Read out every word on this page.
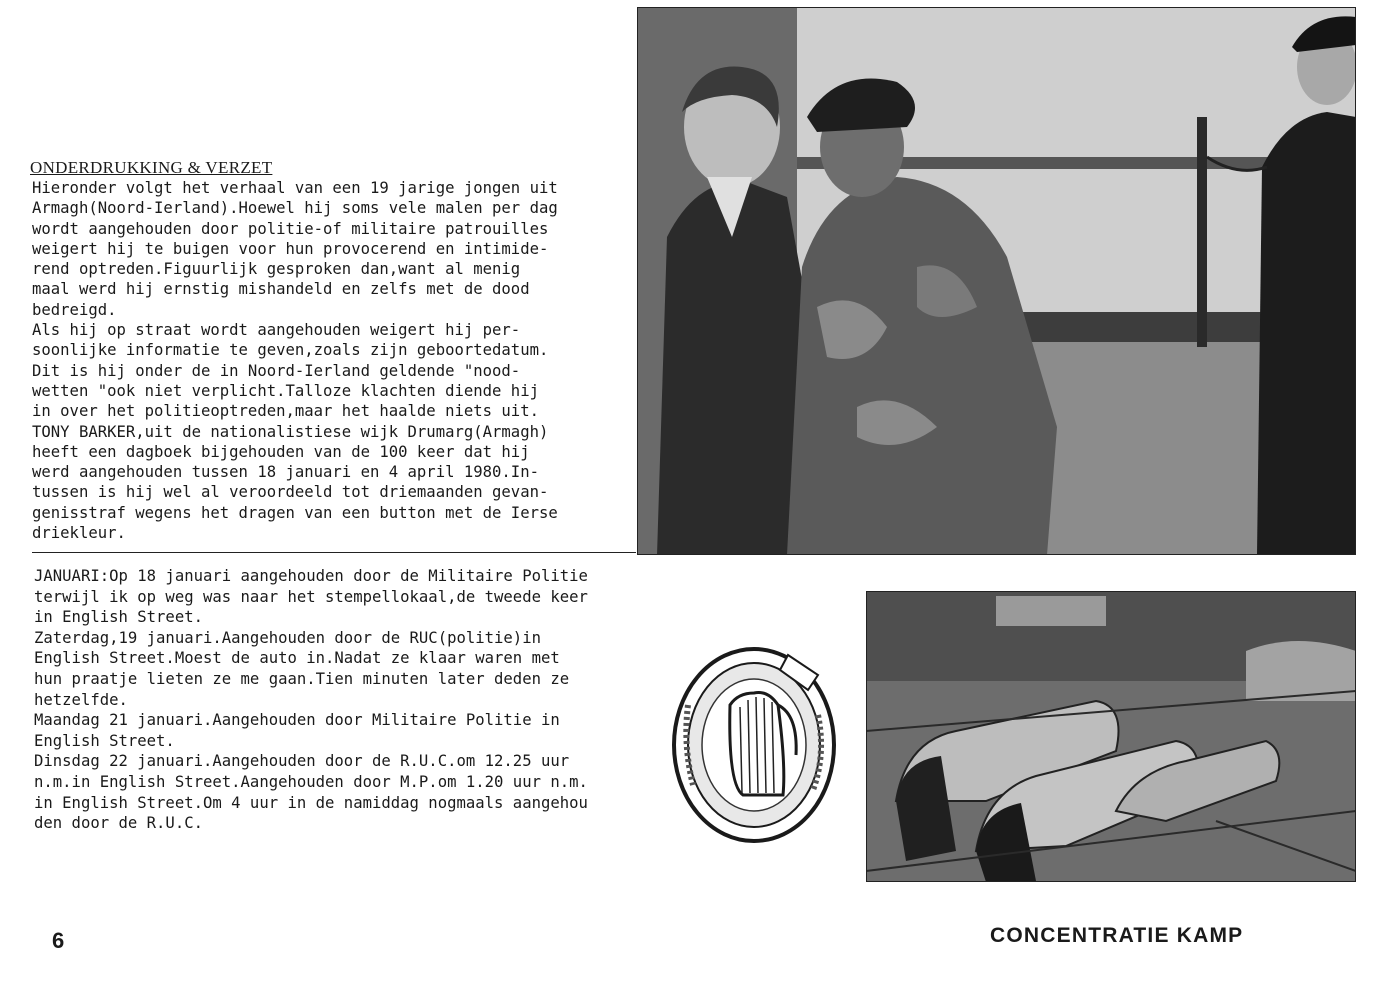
ONDERDRUKKING & VERZET
Hieronder volgt het verhaal van een 19 jarige jongen uit
Armagh(Noord-Ierland).Hoewel hij soms vele malen per dag
wordt aangehouden door politie-of militaire patrouilles
weigert hij te buigen voor hun provocerend en intimide-
rend optreden.Figuurlijk gesproken dan,want al menig
maal werd hij ernstig mishandeld en zelfs met de dood
bedreigd.
Als hij op straat wordt aangehouden weigert hij per-
soonlijke informatie te geven,zoals zijn geboortedatum.
Dit is hij onder de in Noord-Ierland geldende "nood-
wetten "ook niet verplicht.Talloze klachten diende hij
in over het politieoptreden,maar het haalde niets uit.
TONY BARKER,uit de nationalistiese wijk Drumarg(Armagh)
heeft een dagboek bijgehouden van de 100 keer dat hij
werd aangehouden tussen 18 januari en 4 april 1980.In-
tussen is hij wel al veroordeeld tot driemaanden gevan-
genisstraf wegens het dragen van een button met de Ierse
driekleur.
JANUARI:Op 18 januari aangehouden door de Militaire Politie
terwijl ik op weg was naar het stempellokaal,de tweede keer
in English Street.
Zaterdag,19 januari.Aangehouden door de RUC(politie)in
English Street.Moest de auto in.Nadat ze klaar waren met
hun praatje lieten ze me gaan.Tien minuten later deden ze
hetzelfde.
Maandag 21 januari.Aangehouden door Militaire Politie in
English Street.
Dinsdag 22 januari.Aangehouden door de R.U.C.om 12.25 uur
n.m.in English Street.Aangehouden door M.P.om 1.20 uur n.m.
in English Street.Om 4 uur in de namiddag nogmaals aangehou
den door de R.U.C.

6	CONCENTRATIE KAMP
